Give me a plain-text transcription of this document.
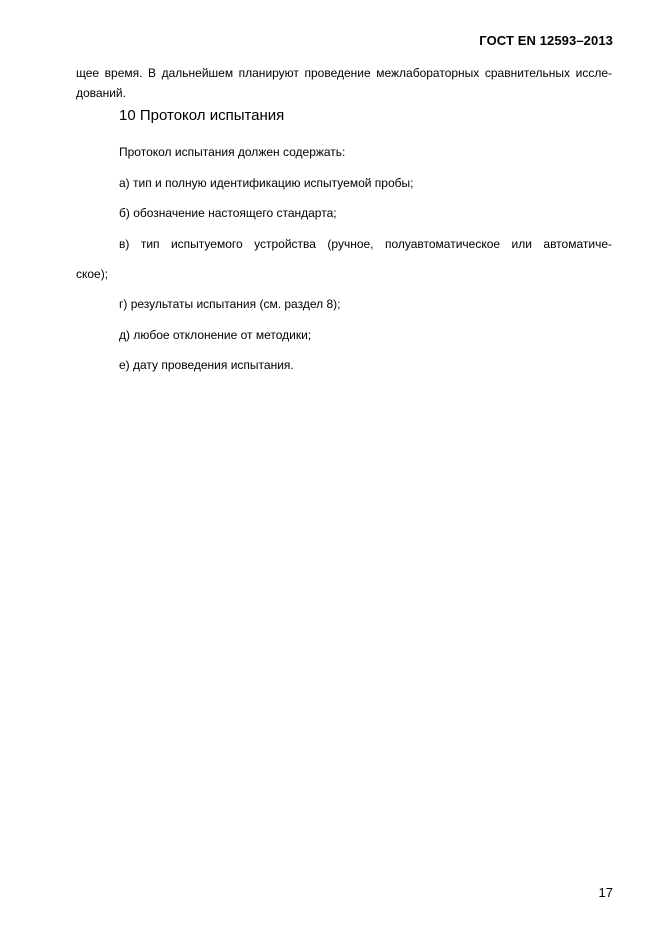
ГОСТ EN 12593–2013
щее время. В дальнейшем планируют проведение межлабораторных сравнительных иссле-
дований.
10 Протокол испытания
Протокол испытания должен содержать:
а) тип и полную идентификацию испытуемой пробы;
б) обозначение настоящего стандарта;
в) тип испытуемого устройства (ручное, полуавтоматическое или автоматиче-
ское);
г) результаты испытания (см. раздел 8);
д) любое отклонение от методики;
е) дату проведения испытания.
17
